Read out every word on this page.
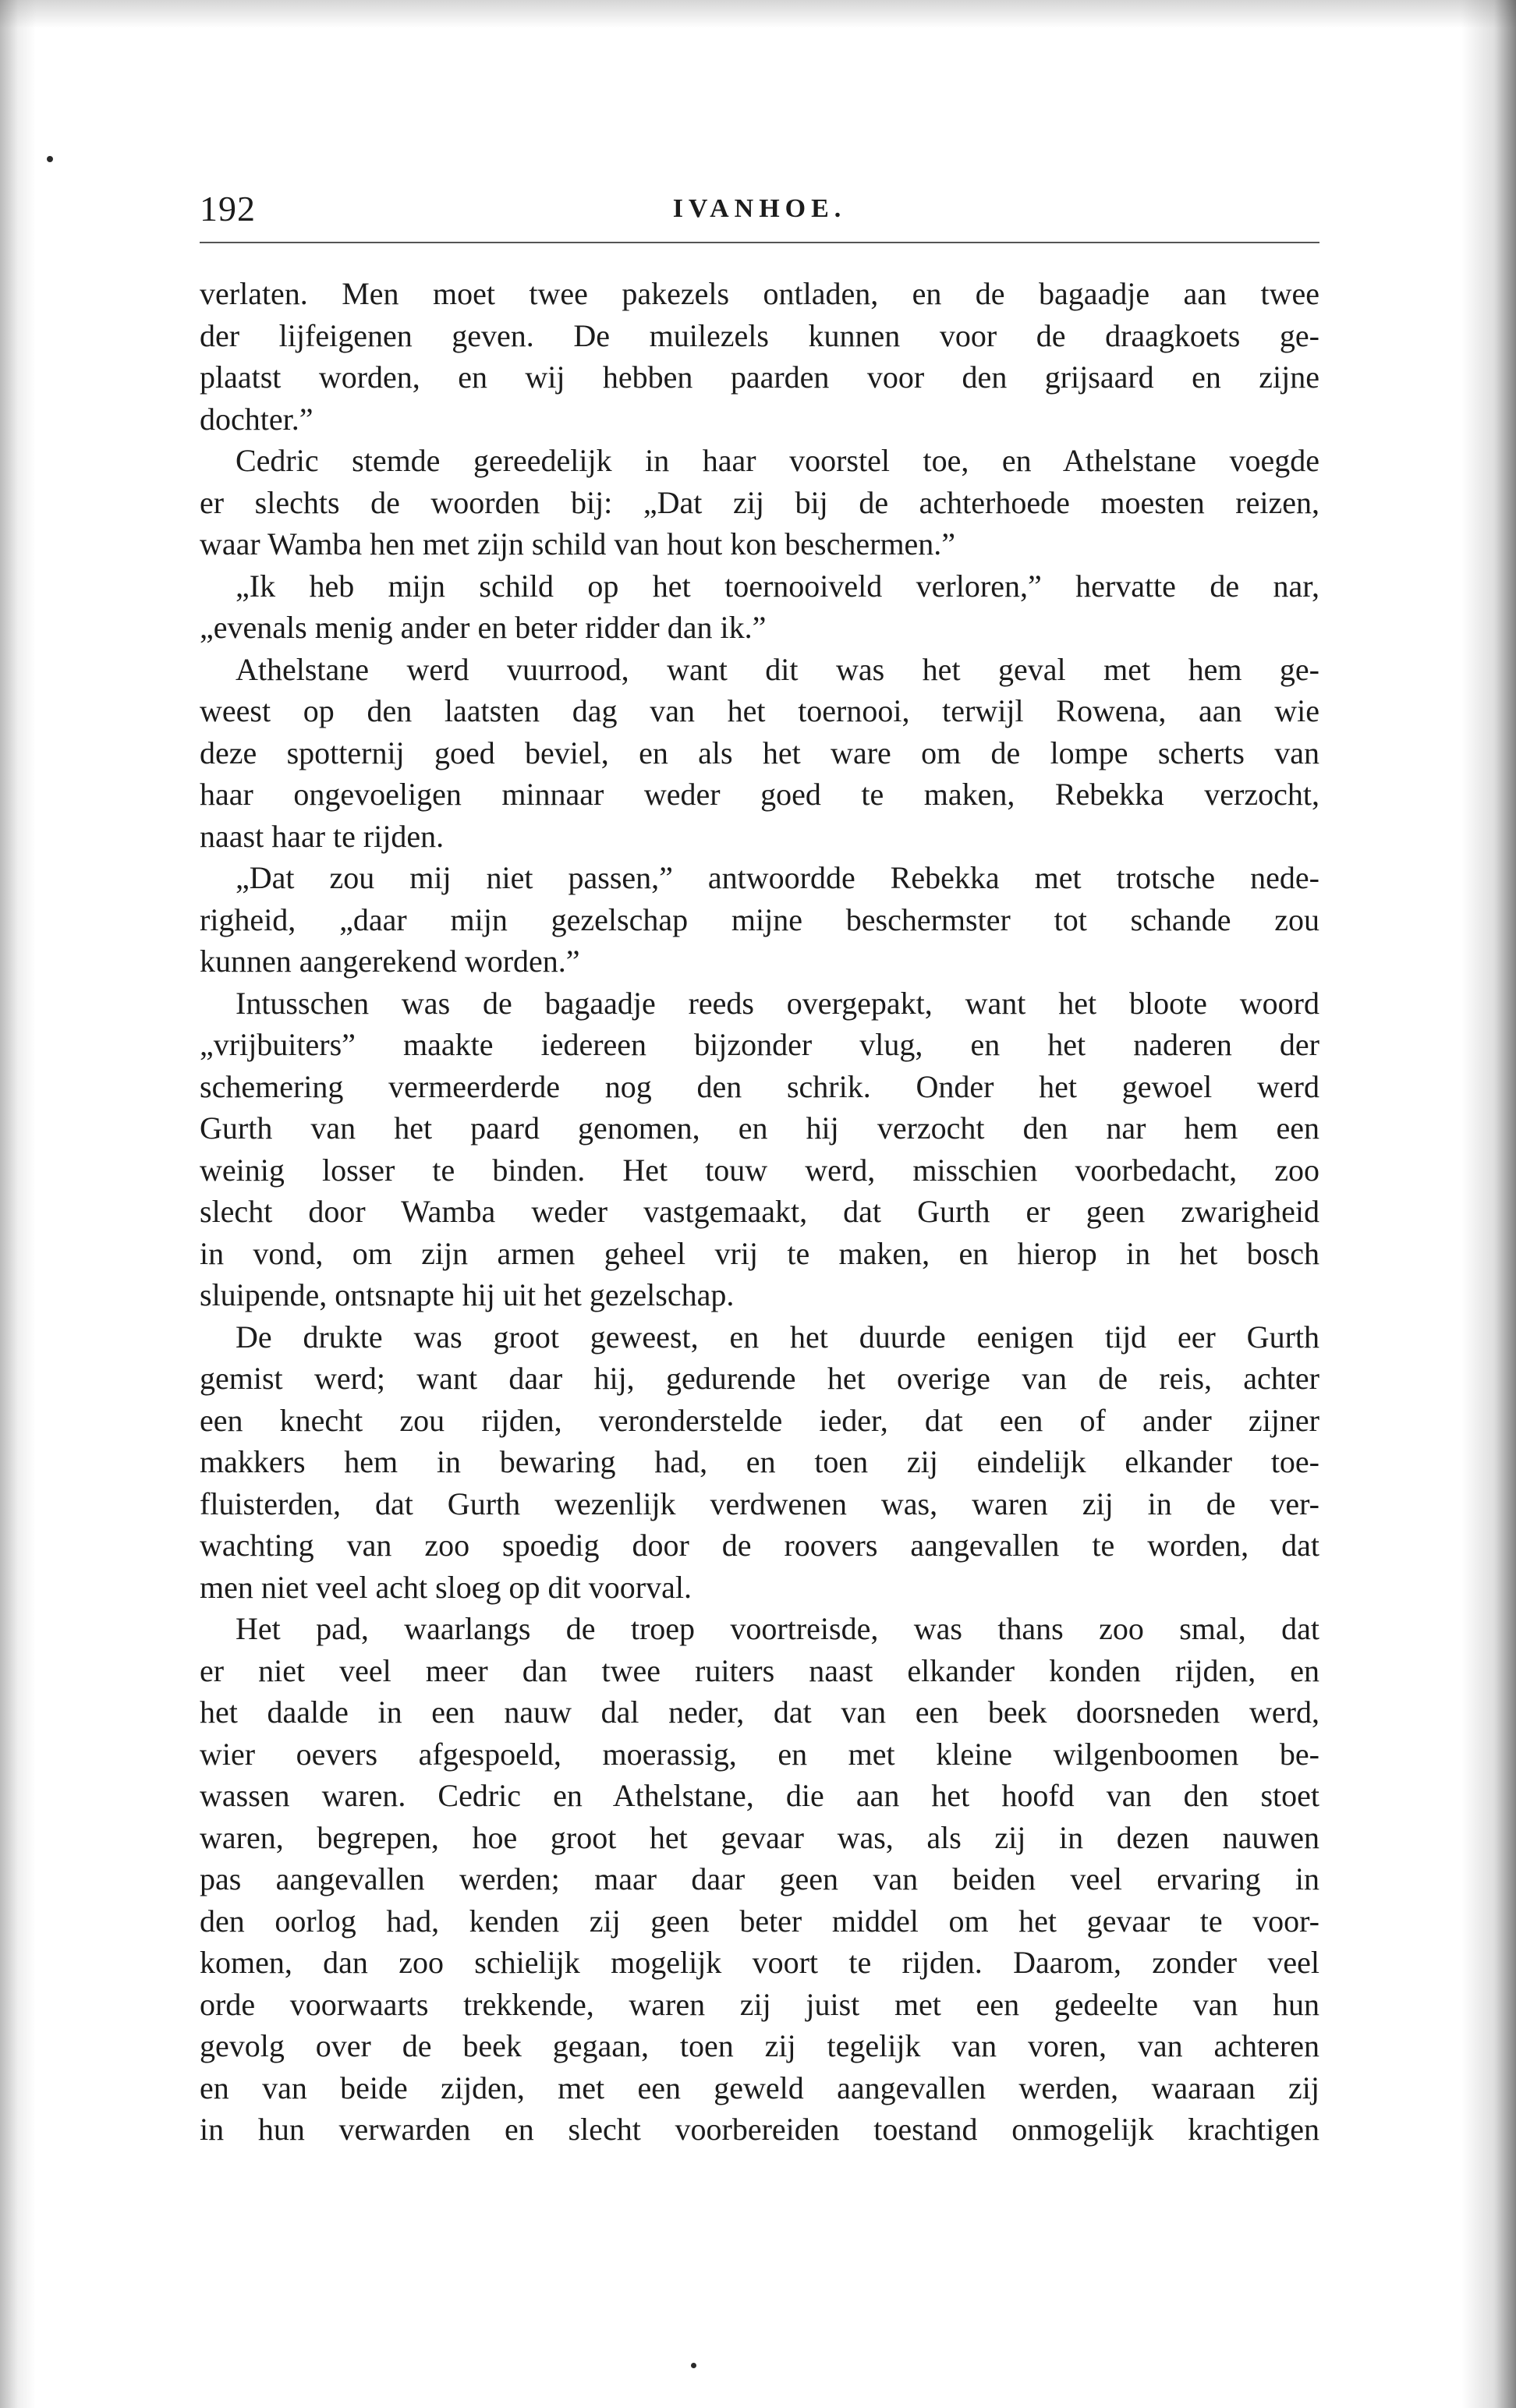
192	IVANHOE.
verlaten. Men moet twee pakezels ontladen, en de bagaadje aan twee
der lijfeigenen geven. De muilezels kunnen voor de draagkoets ge-
plaatst worden, en wij hebben paarden voor den grijsaard en zijne
dochter.”
Cedric stemde gereedelijk in haar voorstel toe, en Athelstane voegde
er slechts de woorden bij: „Dat zij bij de achterhoede moesten reizen,
waar Wamba hen met zijn schild van hout kon beschermen.”
„Ik heb mijn schild op het toernooiveld verloren,” hervatte de nar,
„evenals menig ander en beter ridder dan ik.”
Athelstane werd vuurrood, want dit was het geval met hem ge-
weest op den laatsten dag van het toernooi, terwijl Rowena, aan wie
deze spotternij goed beviel, en als het ware om de lompe scherts van
haar ongevoeligen minnaar weder goed te maken, Rebekka verzocht,
naast haar te rijden.
„Dat zou mij niet passen,” antwoordde Rebekka met trotsche nede-
righeid, „daar mijn gezelschap mijne beschermster tot schande zou
kunnen aangerekend worden.”
Intusschen was de bagaadje reeds overgepakt, want het bloote woord
„vrijbuiters” maakte iedereen bijzonder vlug, en het naderen der
schemering vermeerderde nog den schrik. Onder het gewoel werd
Gurth van het paard genomen, en hij verzocht den nar hem een
weinig losser te binden. Het touw werd, misschien voorbedacht, zoo
slecht door Wamba weder vastgemaakt, dat Gurth er geen zwarigheid
in vond, om zijn armen geheel vrij te maken, en hierop in het bosch
sluipende, ontsnapte hij uit het gezelschap.
De drukte was groot geweest, en het duurde eenigen tijd eer Gurth
gemist werd; want daar hij, gedurende het overige van de reis, achter
een knecht zou rijden, veronderstelde ieder, dat een of ander zijner
makkers hem in bewaring had, en toen zij eindelijk elkander toe-
fluisterden, dat Gurth wezenlijk verdwenen was, waren zij in de ver-
wachting van zoo spoedig door de roovers aangevallen te worden, dat
men niet veel acht sloeg op dit voorval.
Het pad, waarlangs de troep voortreisde, was thans zoo smal, dat
er niet veel meer dan twee ruiters naast elkander konden rijden, en
het daalde in een nauw dal neder, dat van een beek doorsneden werd,
wier oevers afgespoeld, moerassig, en met kleine wilgenboomen be-
wassen waren. Cedric en Athelstane, die aan het hoofd van den stoet
waren, begrepen, hoe groot het gevaar was, als zij in dezen nauwen
pas aangevallen werden; maar daar geen van beiden veel ervaring in
den oorlog had, kenden zij geen beter middel om het gevaar te voor-
komen, dan zoo schielijk mogelijk voort te rijden. Daarom, zonder veel
orde voorwaarts trekkende, waren zij juist met een gedeelte van hun
gevolg over de beek gegaan, toen zij tegelijk van voren, van achteren
en van beide zijden, met een geweld aangevallen werden, waaraan zij
in hun verwarden en slecht voorbereiden toestand onmogelijk krachtigen
